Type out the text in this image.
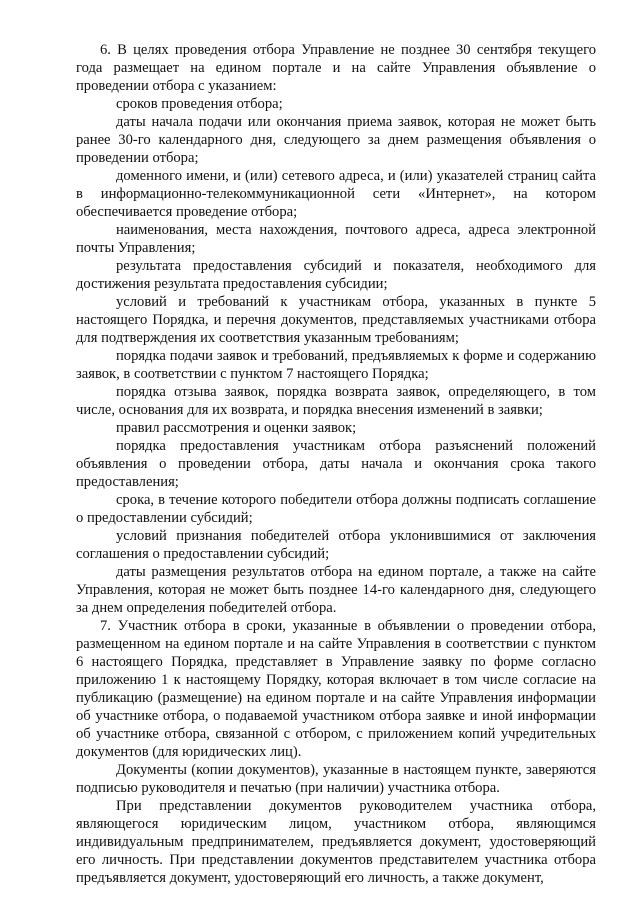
6. В целях проведения отбора Управление не позднее 30 сентября текущего года размещает на едином портале и на сайте Управления объявление о проведении отбора с указанием:

сроков проведения отбора;

даты начала подачи или окончания приема заявок, которая не может быть ранее 30-го календарного дня, следующего за днем размещения объявления о проведении отбора;

доменного имени, и (или) сетевого адреса, и (или) указателей страниц сайта в информационно-телекоммуникационной сети «Интернет», на котором обеспечивается проведение отбора;

наименования, места нахождения, почтового адреса, адреса электронной почты Управления;

результата предоставления субсидий и показателя, необходимого для достижения результата предоставления субсидии;

условий и требований к участникам отбора, указанных в пункте 5 настоящего Порядка, и перечня документов, представляемых участниками отбора для подтверждения их соответствия указанным требованиям;

порядка подачи заявок и требований, предъявляемых к форме и содержанию заявок, в соответствии с пунктом 7 настоящего Порядка;

порядка отзыва заявок, порядка возврата заявок, определяющего, в том числе, основания для их возврата, и порядка внесения изменений в заявки;

правил рассмотрения и оценки заявок;

порядка предоставления участникам отбора разъяснений положений объявления о проведении отбора, даты начала и окончания срока такого предоставления;

срока, в течение которого победители отбора должны подписать соглашение о предоставлении субсидий;

условий признания победителей отбора уклонившимися от заключения соглашения о предоставлении субсидий;

даты размещения результатов отбора на едином портале, а также на сайте Управления, которая не может быть позднее 14-го календарного дня, следующего за днем определения победителей отбора.

7. Участник отбора в сроки, указанные в объявлении о проведении отбора, размещенном на едином портале и на сайте Управления в соответствии с пунктом 6 настоящего Порядка, представляет в Управление заявку по форме согласно приложению 1 к настоящему Порядку, которая включает в том числе согласие на публикацию (размещение) на едином портале и на сайте Управления информации об участнике отбора, о подаваемой участником отбора заявке и иной информации об участнике отбора, связанной с отбором, с приложением копий учредительных документов (для юридических лиц).

Документы (копии документов), указанные в настоящем пункте, заверяются подписью руководителя и печатью (при наличии) участника отбора.

При представлении документов руководителем участника отбора, являющегося юридическим лицом, участником отбора, являющимся индивидуальным предпринимателем, предъявляется документ, удостоверяющий его личность. При представлении документов представителем участника отбора предъявляется документ, удостоверяющий его личность, а также документ,
